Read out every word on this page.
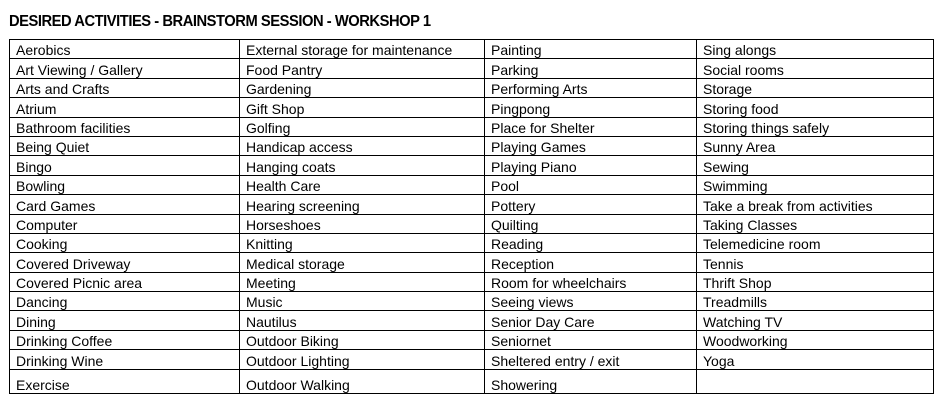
DESIRED ACTIVITIES - BRAINSTORM SESSION - WORKSHOP 1
Aerobics	External storage for maintenance	Painting	Sing alongs
Art Viewing / Gallery	Food Pantry	Parking	Social rooms
Arts and Crafts	Gardening	Performing Arts	Storage
Atrium	Gift Shop	Pingpong	Storing food
Bathroom facilities	Golfing	Place for Shelter	Storing things safely
Being Quiet	Handicap access	Playing Games	Sunny Area
Bingo	Hanging coats	Playing Piano	Sewing
Bowling	Health Care	Pool	Swimming
Card Games	Hearing screening	Pottery	Take a break from activities
Computer	Horseshoes	Quilting	Taking Classes
Cooking	Knitting	Reading	Telemedicine room
Covered Driveway	Medical storage	Reception	Tennis
Covered Picnic area	Meeting	Room for wheelchairs	Thrift Shop
Dancing	Music	Seeing views	Treadmills
Dining	Nautilus	Senior Day Care	Watching TV
Drinking Coffee	Outdoor Biking	Seniornet	Woodworking
Drinking Wine	Outdoor Lighting	Sheltered entry / exit	Yoga
Exercise	Outdoor Walking	Showering	
